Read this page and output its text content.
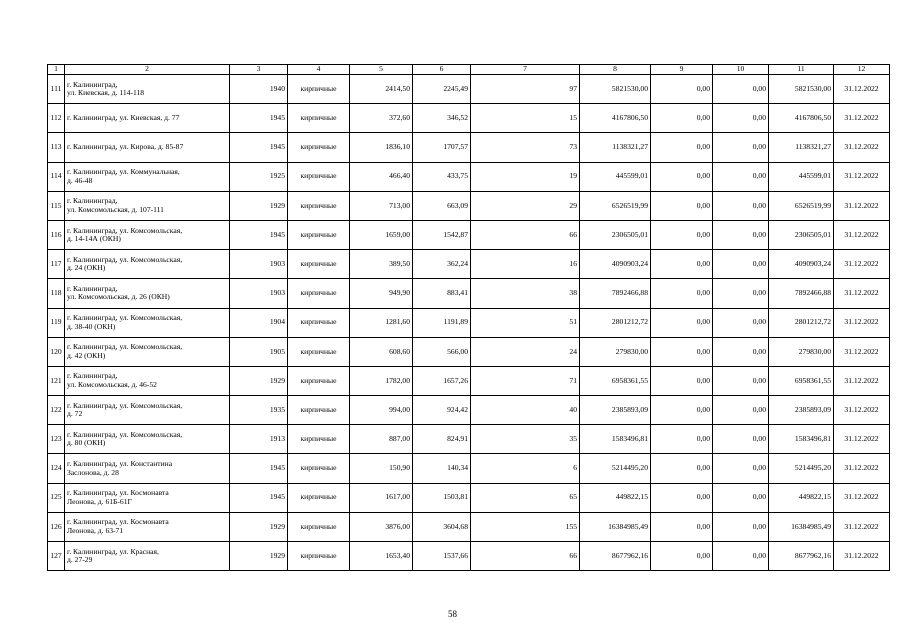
1	2	3	4	5	6	7	8	9	10	11	12
111	г. Калининград,
ул. Киевская, д. 114-118	1940	кирпичные	2414,50	2245,49	97	5821530,00	0,00	0,00	5821530,00	31.12.2022
112	г. Калининград, ул. Киевская, д. 77	1945	кирпичные	372,60	346,52	15	4167806,50	0,00	0,00	4167806,50	31.12.2022
113	г. Калининград, ул. Кирова, д. 85-87	1945	кирпичные	1836,10	1707,57	73	1138321,27	0,00	0,00	1138321,27	31.12.2022
114	г. Калининград, ул. Коммунальная,
д. 46-48	1925	кирпичные	466,40	433,75	19	445599,01	0,00	0,00	445599,01	31.12.2022
115	г. Калининград,
ул. Комсомольская, д. 107-111	1929	кирпичные	713,00	663,09	29	6526519,99	0,00	0,00	6526519,99	31.12.2022
116	г. Калининград, ул. Комсомольская,
д. 14-14А (ОКН)	1945	кирпичные	1659,00	1542,87	66	2306505,01	0,00	0,00	2306505,01	31.12.2022
117	г. Калининград, ул. Комсомольская,
д. 24 (ОКН)	1903	кирпичные	389,50	362,24	16	4090903,24	0,00	0,00	4090903,24	31.12.2022
118	г. Калининград,
ул. Комсомольская, д. 26 (ОКН)	1903	кирпичные	949,90	883,41	38	7892466,88	0,00	0,00	7892466,88	31.12.2022
119	г. Калининград, ул. Комсомольская,
д. 38-40 (ОКН)	1904	кирпичные	1281,60	1191,89	51	2801212,72	0,00	0,00	2801212,72	31.12.2022
120	г. Калининград, ул. Комсомольская,
д. 42 (ОКН)	1905	кирпичные	608,60	566,00	24	279830,00	0,00	0,00	279830,00	31.12.2022
121	г. Калининград,
ул. Комсомольская, д. 46-52	1929	кирпичные	1782,00	1657,26	71	6958361,55	0,00	0,00	6958361,55	31.12.2022
122	г. Калининград, ул. Комсомольская,
д. 72	1935	кирпичные	994,00	924,42	40	2385893,09	0,00	0,00	2385893,09	31.12.2022
123	г. Калининград, ул. Комсомольская,
д. 80 (ОКН)	1913	кирпичные	887,00	824,91	35	1583496,81	0,00	0,00	1583496,81	31.12.2022
124	г. Калининград, ул. Константина
Заслонова, д. 28	1945	кирпичные	150,90	140,34	6	5214495,20	0,00	0,00	5214495,20	31.12.2022
125	г. Калининград, ул. Космонавта
Леонова, д. 61Б-61Г	1945	кирпичные	1617,00	1503,81	65	449822,15	0,00	0,00	449822,15	31.12.2022
126	г. Калининград, ул. Космонавта
Леонова, д. 63-71	1929	кирпичные	3876,00	3604,68	155	16384985,49	0,00	0,00	16384985,49	31.12.2022
127	г. Калининград, ул. Красная,
д. 27-29	1929	кирпичные	1653,40	1537,66	66	8677962,16	0,00	0,00	8677962,16	31.12.2022
58
